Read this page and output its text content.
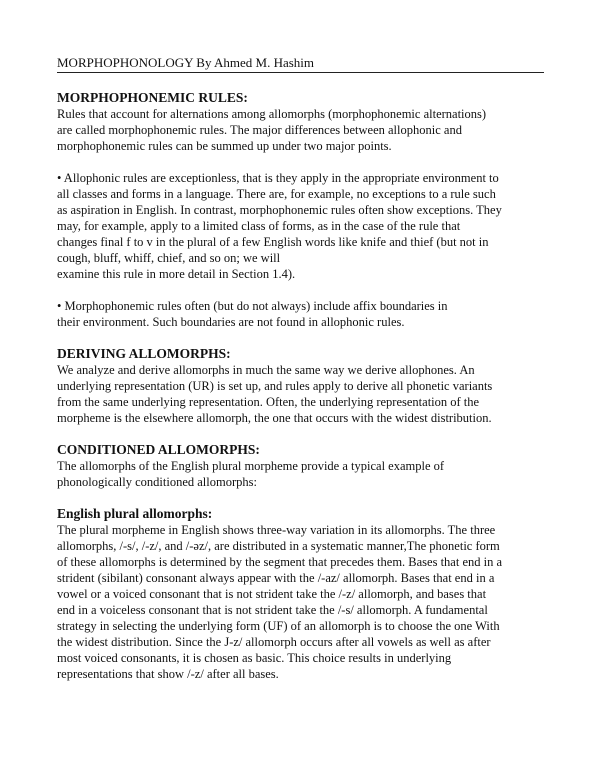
MORPHOPHONOLOGY By Ahmed M. Hashim
MORPHOPHONEMIC RULES:
Rules that account for alternations among allomorphs (morphophonemic alternations)
are called morphophonemic rules. The major differences between allophonic and
morphophonemic rules can be summed up under two major points.
• Allophonic rules are exceptionless, that is they apply in the appropriate environment to
all classes and forms in a language. There are, for example, no exceptions to a rule such
as aspiration in English. In contrast, morphophonemic rules often show exceptions. They
may, for example, apply to a limited class of forms, as in the case of the rule that
changes final f to v in the plural of a few English words like knife and thief (but not in
cough, bluff, whiff, chief, and so on; we will
examine this rule in more detail in Section 1.4).
• Morphophonemic rules often (but do not always) include affix boundaries in
their environment. Such boundaries are not found in allophonic rules.
DERIVING ALLOMORPHS:
We analyze and derive allomorphs in much the same way we derive allophones. An
underlying representation (UR) is set up, and rules apply to derive all phonetic variants
from the same underlying representation. Often, the underlying representation of the
morpheme is the elsewhere allomorph, the one that occurs with the widest distribution.
CONDITIONED ALLOMORPHS:
The allomorphs of the English plural morpheme provide a typical example of
phonologically conditioned allomorphs:
English plural allomorphs:
The plural morpheme in English shows three-way variation in its allomorphs. The three
allomorphs, /-s/, /-z/, and /-əz/, are distributed in a systematic manner,The phonetic form
of these allomorphs is determined by the segment that precedes them. Bases that end in a
strident (sibilant) consonant always appear with the /-az/ allomorph. Bases that end in a
vowel or a voiced consonant that is not strident take the /-z/ allomorph, and bases that
end in a voiceless consonant that is not strident take the /-s/ allomorph. A fundamental
strategy in selecting the underlying form (UF) of an allomorph is to choose the one With
the widest distribution. Since the J-z/ allomorph occurs after all vowels as well as after
most voiced consonants, it is chosen as basic. This choice results in underlying
representations that show /-z/ after all bases.
